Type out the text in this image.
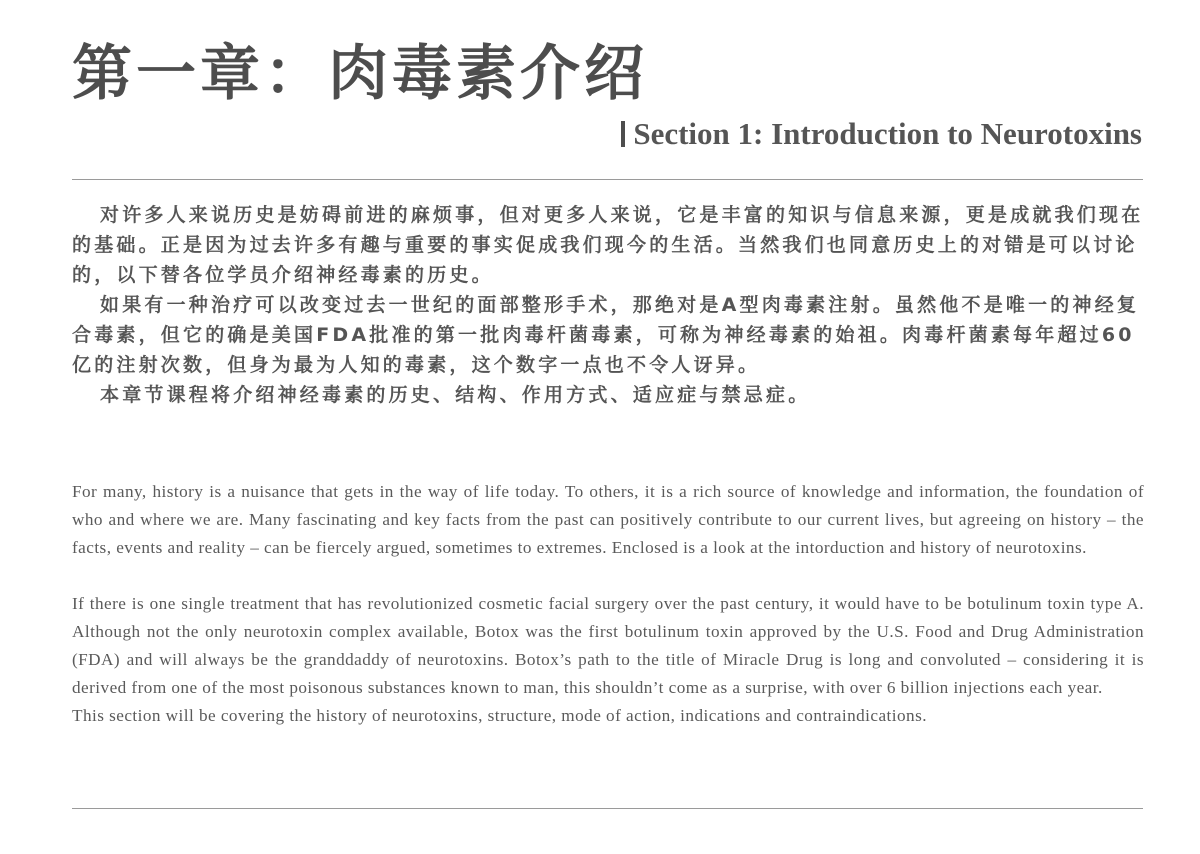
第一章：肉毒素介绍
Section 1: Introduction to Neurotoxins

对许多人来说历史是妨碍前进的麻烦事，但对更多人来说，它是丰富的知识与信息来源，更是成就我们现在的基础。正是因为过去许多有趣与重要的事实促成我们现今的生活。当然我们也同意历史上的对错是可以讨论的，以下替各位学员介绍神经毒素的历史。

如果有一种治疗可以改变过去一世纪的面部整形手术，那绝对是A型肉毒素注射。虽然他不是唯一的神经复合毒素，但它的确是美国FDA批准的第一批肉毒杆菌毒素，可称为神经毒素的始祖。肉毒杆菌素每年超过60亿的注射次数，但身为最为人知的毒素，这个数字一点也不令人讶异。

本章节课程将介绍神经毒素的历史、结构、作用方式、适应症与禁忌症。

For many, history is a nuisance that gets in the way of life today. To others, it is a rich source of knowledge and information, the foundation of who and where we are. Many fascinating and key facts from the past can positively contribute to our current lives, but agreeing on history – the facts, events and reality – can be fiercely argued, sometimes to extremes. Enclosed is a look at the intorduction and history of neurotoxins.

If there is one single treatment that has revolutionized cosmetic facial surgery over the past century, it would have to be botulinum toxin type A. Although not the only neurotoxin complex available, Botox was the first botulinum toxin approved by the U.S. Food and Drug Administration (FDA) and will always be the granddaddy of neurotoxins. Botox’s path to the title of Miracle Drug is long and convoluted – considering it is derived from one of the most poisonous substances known to man, this shouldn’t come as a surprise, with over 6 billion injections each year.

This section will be covering the history of neurotoxins, structure, mode of action, indications and contraindications.
